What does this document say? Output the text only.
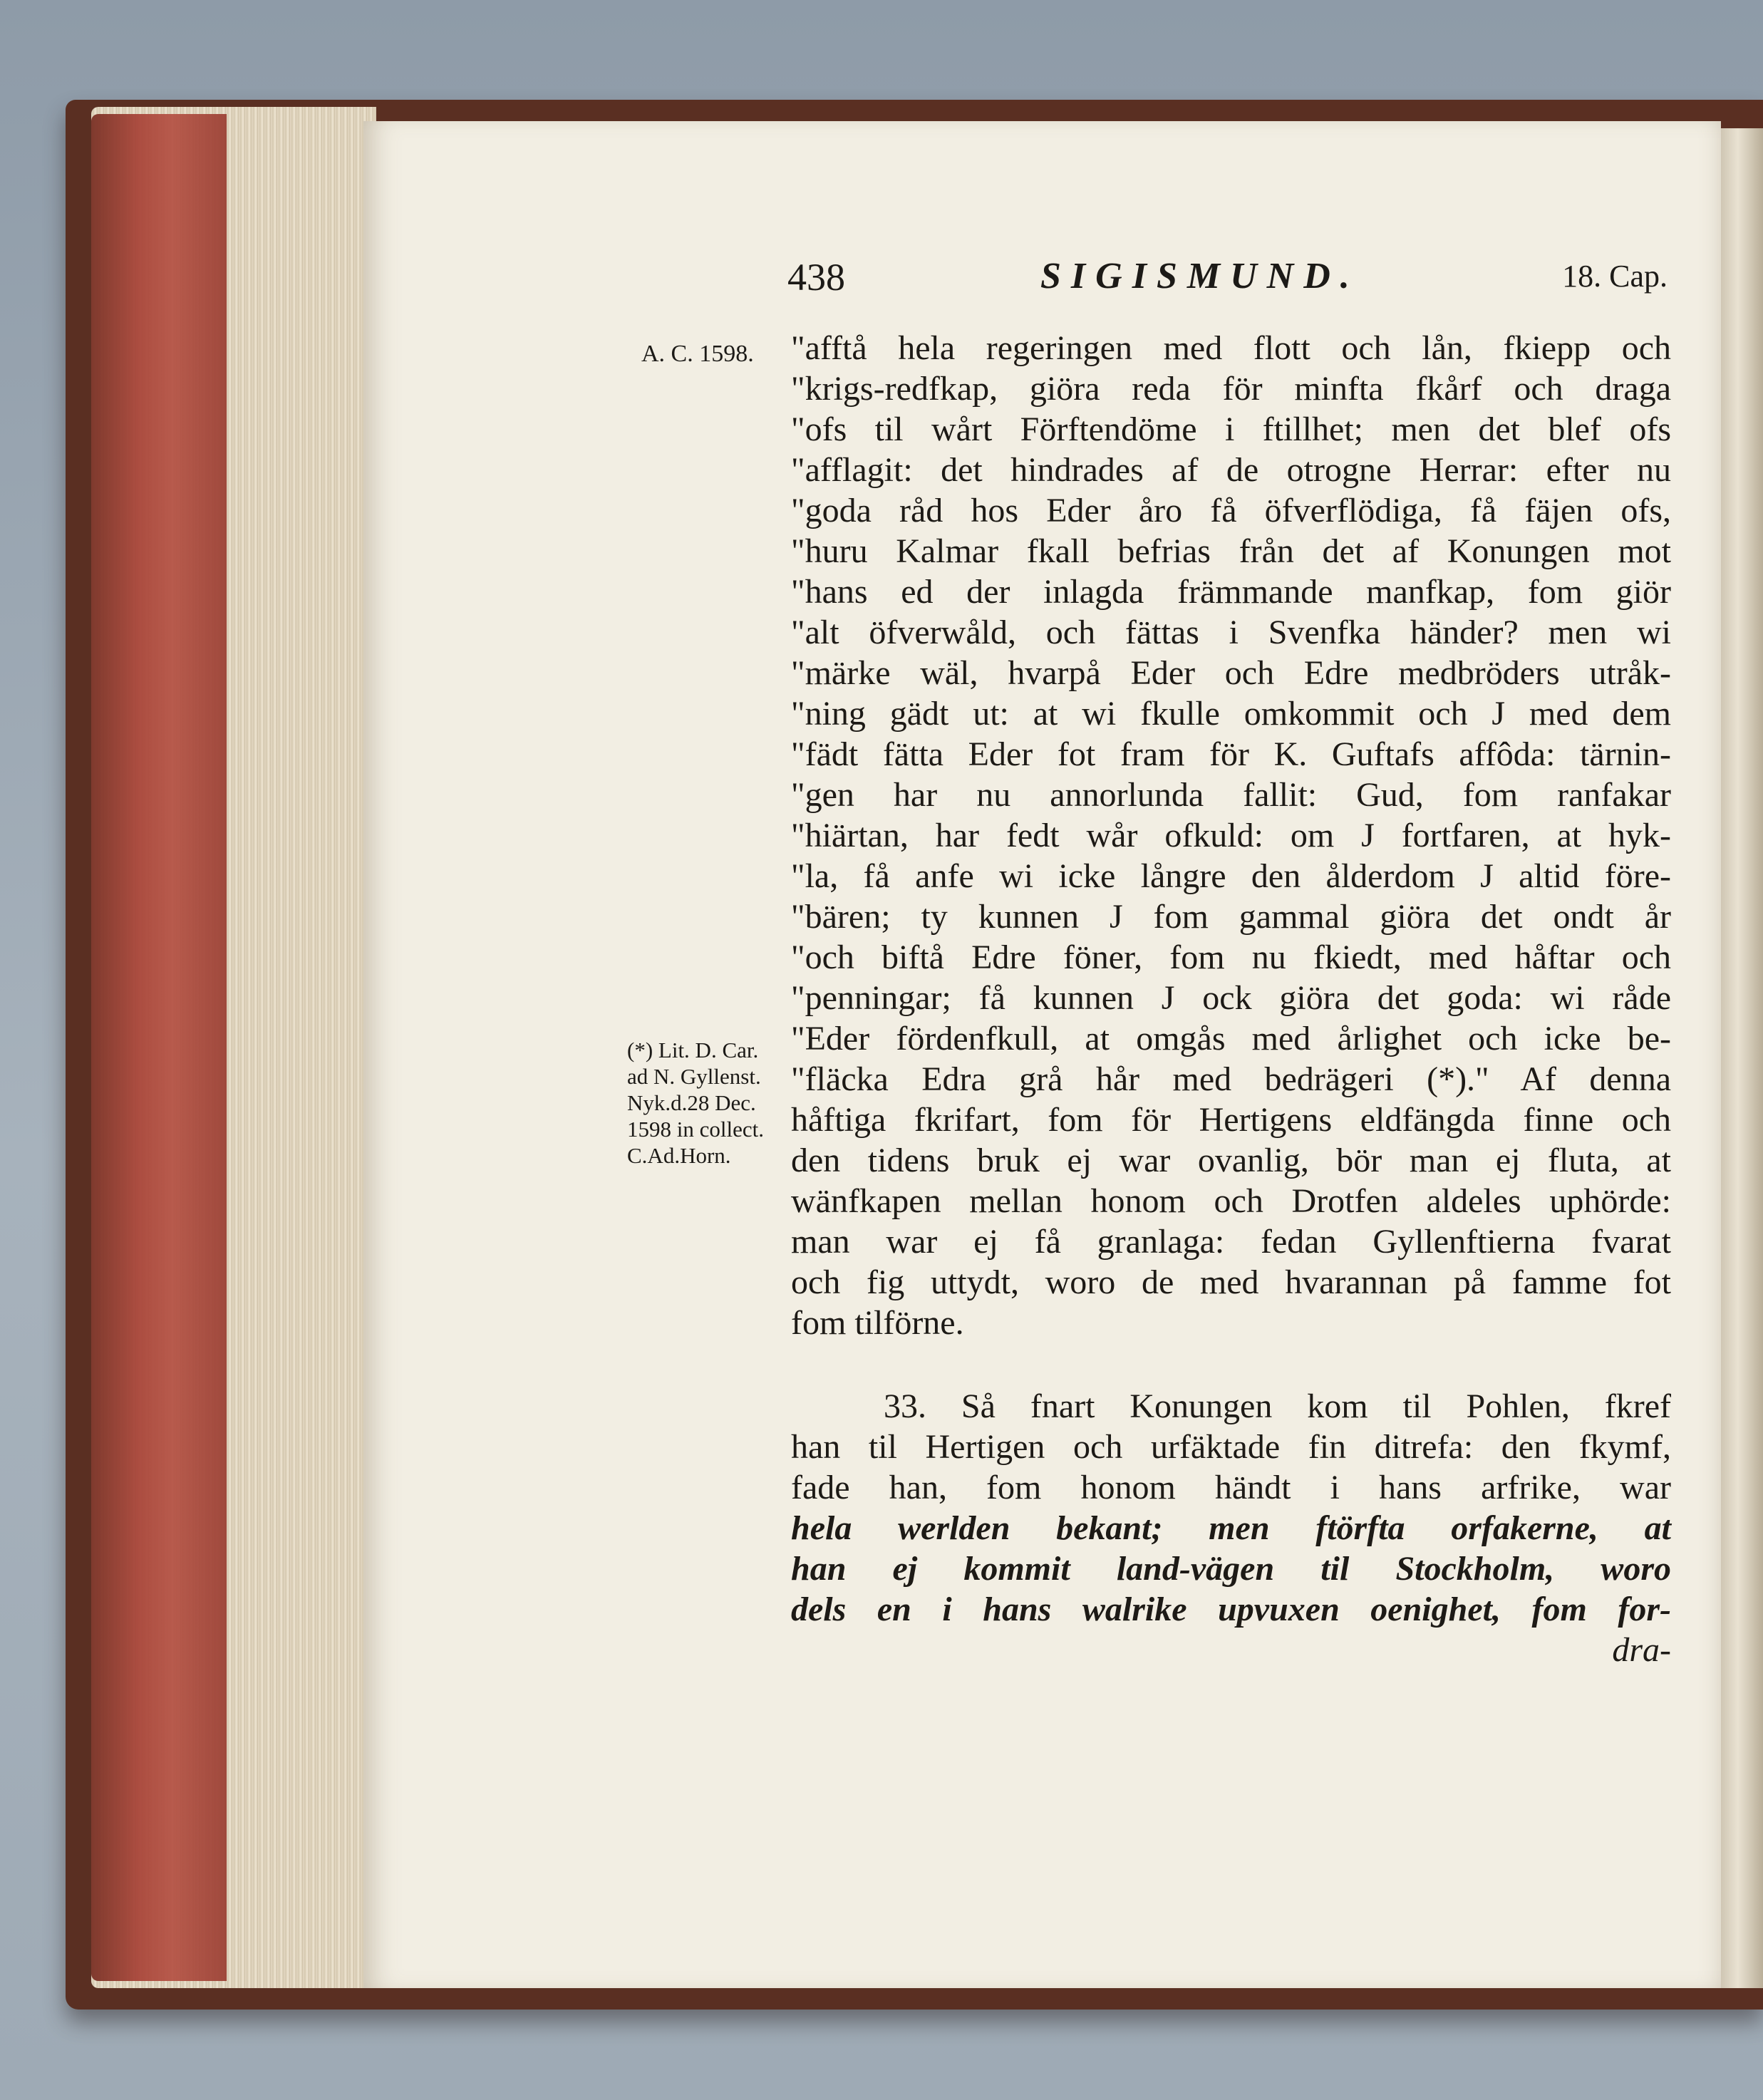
438	SIGISMUND.	18. Cap.
A. C. 1598.
(*) Lit. D. Car.
ad N. Gyllenst.
Nyk.d.28 Dec.
1598 in collect.
C.Ad.Horn.
"afftå hela regeringen med flott och lån, fkiepp och
"krigs-redfkap, giöra reda för minfta fkårf och draga
"ofs til wårt Förftendöme i ftillhet; men det blef ofs
"afflagit: det hindrades af de otrogne Herrar: efter nu
"goda råd hos Eder åro få öfverflödiga, få fäjen ofs,
"huru Kalmar fkall befrias från det af Konungen mot
"hans ed der inlagda främmande manfkap, fom giör
"alt öfverwåld, och fättas i Svenfka händer? men wi
"märke wäl, hvarpå Eder och Edre medbröders utråk-
"ning gädt ut: at wi fkulle omkommit och J med dem
"fädt fätta Eder fot fram för K. Guftafs affôda: tärnin-
"gen har nu annorlunda fallit: Gud, fom ranfakar
"hiärtan, har fedt wår ofkuld: om J fortfaren, at hyk-
"la, få anfe wi icke långre den ålderdom J altid före-
"bären; ty kunnen J fom gammal giöra det ondt år
"och biftå Edre föner, fom nu fkiedt, med håftar och
"penningar; få kunnen J ock giöra det goda: wi råde
"Eder fördenfkull, at omgås med årlighet och icke be-
"fläcka Edra grå hår med bedrägeri (*)." Af denna
håftiga fkrifart, fom för Hertigens eldfängda finne och
den tidens bruk ej war ovanlig, bör man ej fluta, at
wänfkapen mellan honom och Drotfen aldeles uphörde:
man war ej få granlaga: fedan Gyllenftierna fvarat
och fig uttydt, woro de med hvarannan på famme fot
fom tilförne.
33. Så fnart Konungen kom til Pohlen, fkref
han til Hertigen och urfäktade fin ditrefa: den fkymf,
fade han, fom honom händt i hans arfrike, war
hela werlden bekant; men ftörfta orfakerne, at
han ej kommit land-vägen til Stockholm, woro
dels en i hans walrike upvuxen oenighet, fom for-
dra-
